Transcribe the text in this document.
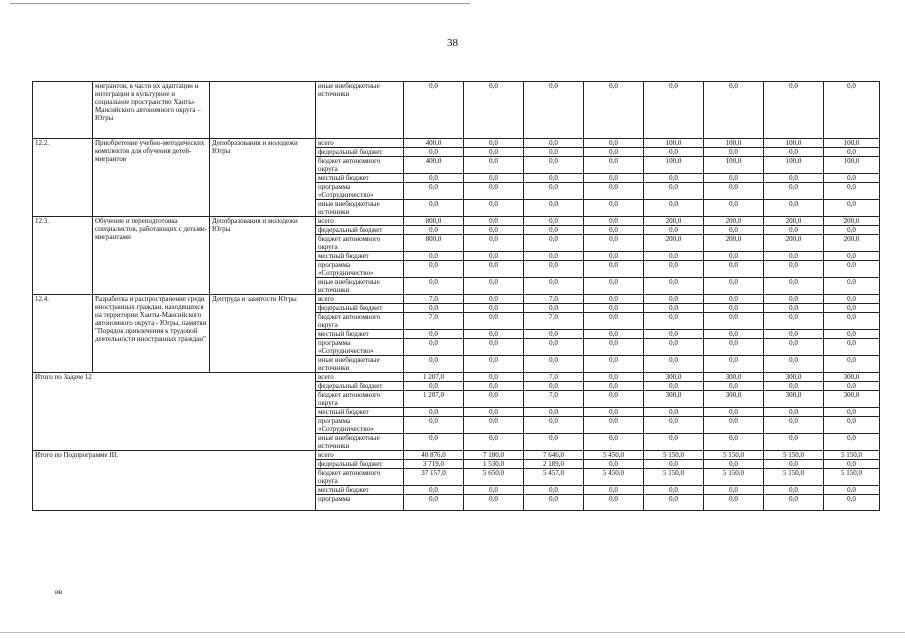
38
	мигрантов, в части их адаптации и интеграции в культурное и социальное пространство Ханты-Мансийского автономного округа – Югры		иные внебюджетные источники	0,0	0,0	0,0	0,0	0,0	0,0	0,0	0,0
12.2.	Приобретение учебно-методических комплектов для обучения детей-мигрантов	Депобразования и молодежи Югры	всего	400,0	0,0	0,0	0,0	100,0	100,0	100,0	100,0
			федеральный бюджет	0,0	0,0	0,0	0,0	0,0	0,0	0,0	0,0
			бюджет автономного округа	400,0	0,0	0,0	0,0	100,0	100,0	100,0	100,0
			местный бюджет	0,0	0,0	0,0	0,0	0,0	0,0	0,0	0,0
			программа «Сотрудничество»	0,0	0,0	0,0	0,0	0,0	0,0	0,0	0,0
			иные внебюджетные источники	0,0	0,0	0,0	0,0	0,0	0,0	0,0	0,0
12.3.	Обучение и переподготовка специалистов, работающих с детьми-мигрантами	Депобразования и молодежи Югры	всего	800,0	0,0	0,0	0,0	200,0	200,0	200,0	200,0
			федеральный бюджет	0,0	0,0	0,0	0,0	0,0	0,0	0,0	0,0
			бюджет автономного округа	800,0	0,0	0,0	0,0	200,0	200,0	200,0	200,0
			местный бюджет	0,0	0,0	0,0	0,0	0,0	0,0	0,0	0,0
			программа «Сотрудничество»	0,0	0,0	0,0	0,0	0,0	0,0	0,0	0,0
			иные внебюджетные источники	0,0	0,0	0,0	0,0	0,0	0,0	0,0	0,0
12.4.	Разработка и распространение среди иностранных граждан, находящихся на территории Ханты-Мансийского автономного округа - Югры, памятки "Порядок привлечения к трудовой деятельности иностранных граждан"	Дептруда и занятости Югры	всего	7,0	0,0	7,0	0,0	0,0	0,0	0,0	0,0
			федеральный бюджет	0,0	0,0	0,0	0,0	0,0	0,0	0,0	0,0
			бюджет автономного округа	7,0	0,0	7,0	0,0	0,0	0,0	0,0	0,0
			местный бюджет	0,0	0,0	0,0	0,0	0,0	0,0	0,0	0,0
			программа «Сотрудничество»	0,0	0,0	0,0	0,0	0,0	0,0	0,0	0,0
			иные внебюджетные источники	0,0	0,0	0,0	0,0	0,0	0,0	0,0	0,0
Итого по Задаче 12			всего	1 207,0	0,0	7,0	0,0	300,0	300,0	300,0	300,0
			федеральный бюджет	0,0	0,0	0,0	0,0	0,0	0,0	0,0	0,0
			бюджет автономного округа	1 207,0	0,0	7,0	0,0	300,0	300,0	300,0	300,0
			местный бюджет	0,0	0,0	0,0	0,0	0,0	0,0	0,0	0,0
			программа «Сотрудничество»	0,0	0,0	0,0	0,0	0,0	0,0	0,0	0,0
			иные внебюджетные источники	0,0	0,0	0,0	0,0	0,0	0,0	0,0	0,0
Итого по Подпрограмме III.			всего	40 876,0	7 180,0	7 646,0	5 450,0	5 150,0	5 150,0	5 150,0	5 150,0
			федеральный бюджет	3 719,0	1 530,0	2 189,0	0,0	0,0	0,0	0,0	0,0
			бюджет автономного округа	37 157,0	5 650,0	5 457,0	5 450,0	5 150,0	5 150,0	5 150,0	5 150,0
			местный бюджет	0,0	0,0	0,0	0,0	0,0	0,0	0,0	0,0
			программа	0,0	0,0	0,0	0,0	0,0	0,0	0,0	0,0
ив
